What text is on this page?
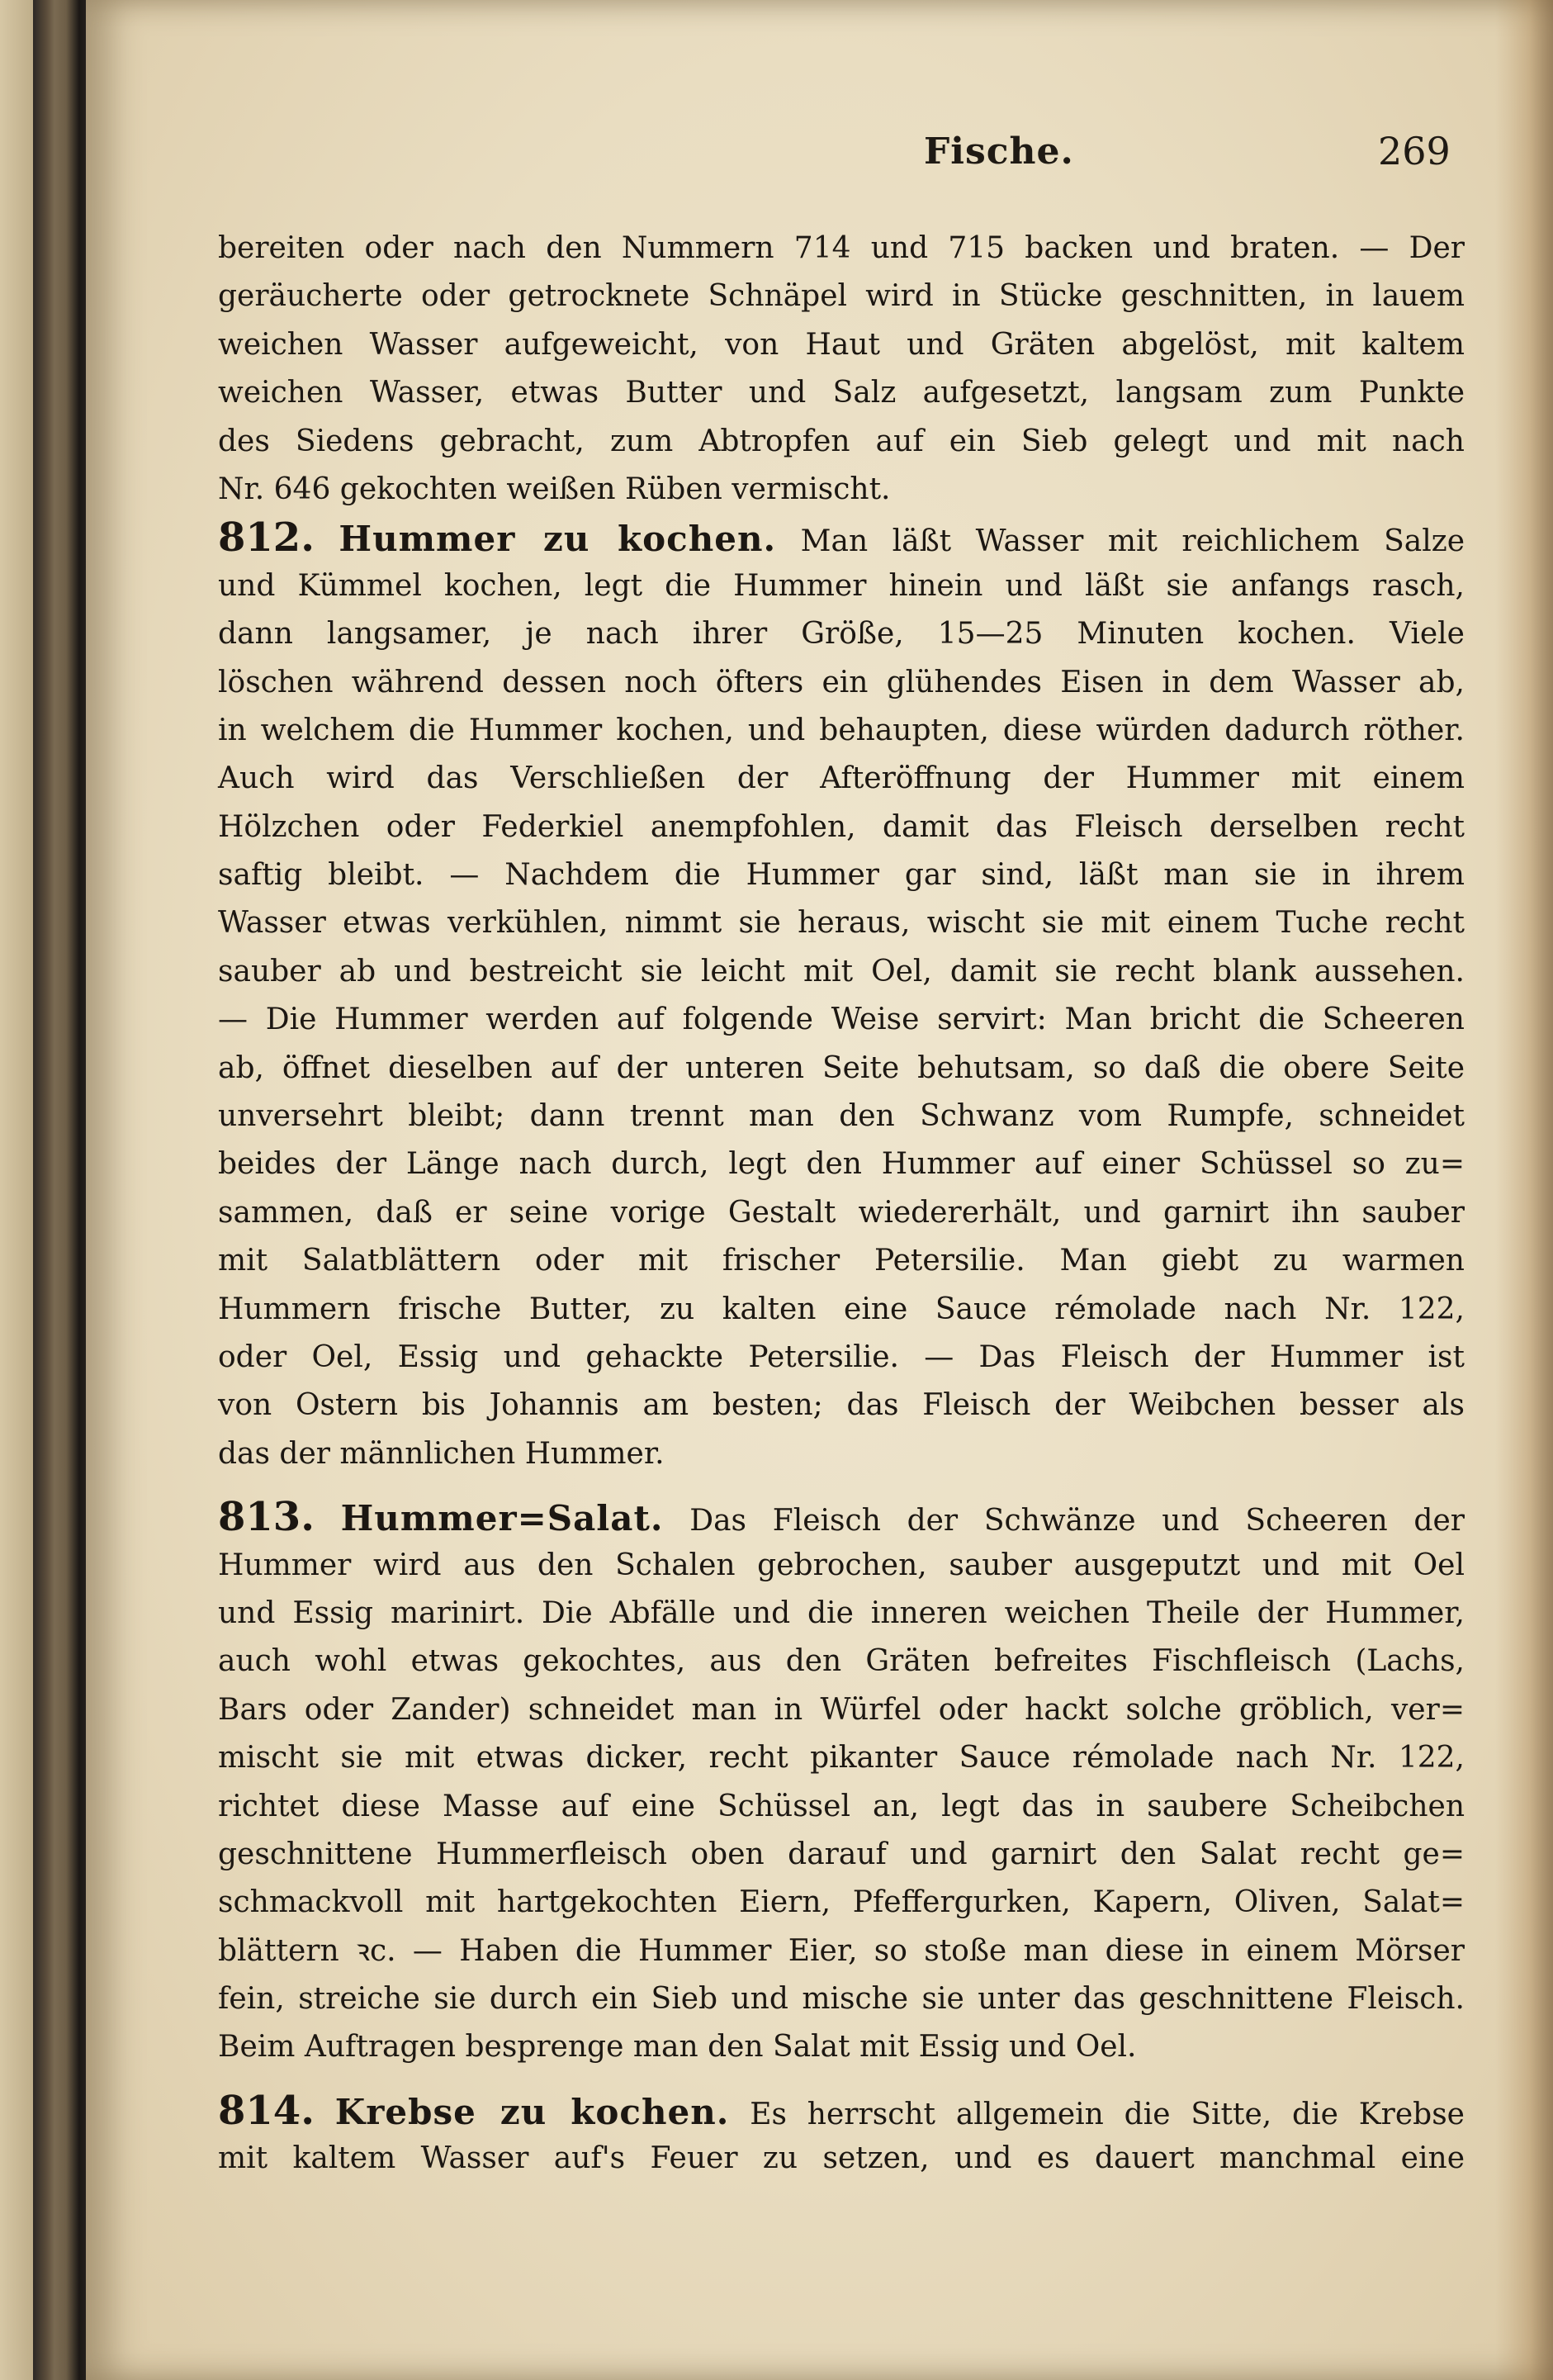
Fische.	269
bereiten oder nach den Nummern 714 und 715 backen und braten. — Der
geräucherte oder getrocknete Schnäpel wird in Stücke geschnitten, in lauem
weichen Wasser aufgeweicht, von Haut und Gräten abgelöst, mit kaltem
weichen Wasser, etwas Butter und Salz aufgesetzt, langsam zum Punkte
des Siedens gebracht, zum Abtropfen auf ein Sieb gelegt und mit nach
Nr. 646 gekochten weißen Rüben vermischt.
812. Hummer zu kochen. Man läßt Wasser mit reichlichem Salze
und Kümmel kochen, legt die Hummer hinein und läßt sie anfangs rasch,
dann langsamer, je nach ihrer Größe, 15—25 Minuten kochen. Viele
löschen während dessen noch öfters ein glühendes Eisen in dem Wasser ab,
in welchem die Hummer kochen, und behaupten, diese würden dadurch röther.
Auch wird das Verschließen der Afteröffnung der Hummer mit einem
Hölzchen oder Federkiel anempfohlen, damit das Fleisch derselben recht
saftig bleibt. — Nachdem die Hummer gar sind, läßt man sie in ihrem
Wasser etwas verkühlen, nimmt sie heraus, wischt sie mit einem Tuche recht
sauber ab und bestreicht sie leicht mit Oel, damit sie recht blank aussehen.
— Die Hummer werden auf folgende Weise servirt: Man bricht die Scheeren
ab, öffnet dieselben auf der unteren Seite behutsam, so daß die obere Seite
unversehrt bleibt; dann trennt man den Schwanz vom Rumpfe, schneidet
beides der Länge nach durch, legt den Hummer auf einer Schüssel so zu=
sammen, daß er seine vorige Gestalt wiedererhält, und garnirt ihn sauber
mit Salatblättern oder mit frischer Petersilie. Man giebt zu warmen
Hummern frische Butter, zu kalten eine Sauce rémolade nach Nr. 122,
oder Oel, Essig und gehackte Petersilie. — Das Fleisch der Hummer ist
von Ostern bis Johannis am besten; das Fleisch der Weibchen besser als
das der männlichen Hummer.
813. Hummer=Salat. Das Fleisch der Schwänze und Scheeren der
Hummer wird aus den Schalen gebrochen, sauber ausgeputzt und mit Oel
und Essig marinirt. Die Abfälle und die inneren weichen Theile der Hummer,
auch wohl etwas gekochtes, aus den Gräten befreites Fischfleisch (Lachs,
Bars oder Zander) schneidet man in Würfel oder hackt solche gröblich, ver=
mischt sie mit etwas dicker, recht pikanter Sauce rémolade nach Nr. 122,
richtet diese Masse auf eine Schüssel an, legt das in saubere Scheibchen
geschnittene Hummerfleisch oben darauf und garnirt den Salat recht ge=
schmackvoll mit hartgekochten Eiern, Pfeffergurken, Kapern, Oliven, Salat=
blättern ꝛc. — Haben die Hummer Eier, so stoße man diese in einem Mörser
fein, streiche sie durch ein Sieb und mische sie unter das geschnittene Fleisch.
Beim Auftragen besprenge man den Salat mit Essig und Oel.
814. Krebse zu kochen. Es herrscht allgemein die Sitte, die Krebse
mit kaltem Wasser auf's Feuer zu setzen, und es dauert manchmal eine
